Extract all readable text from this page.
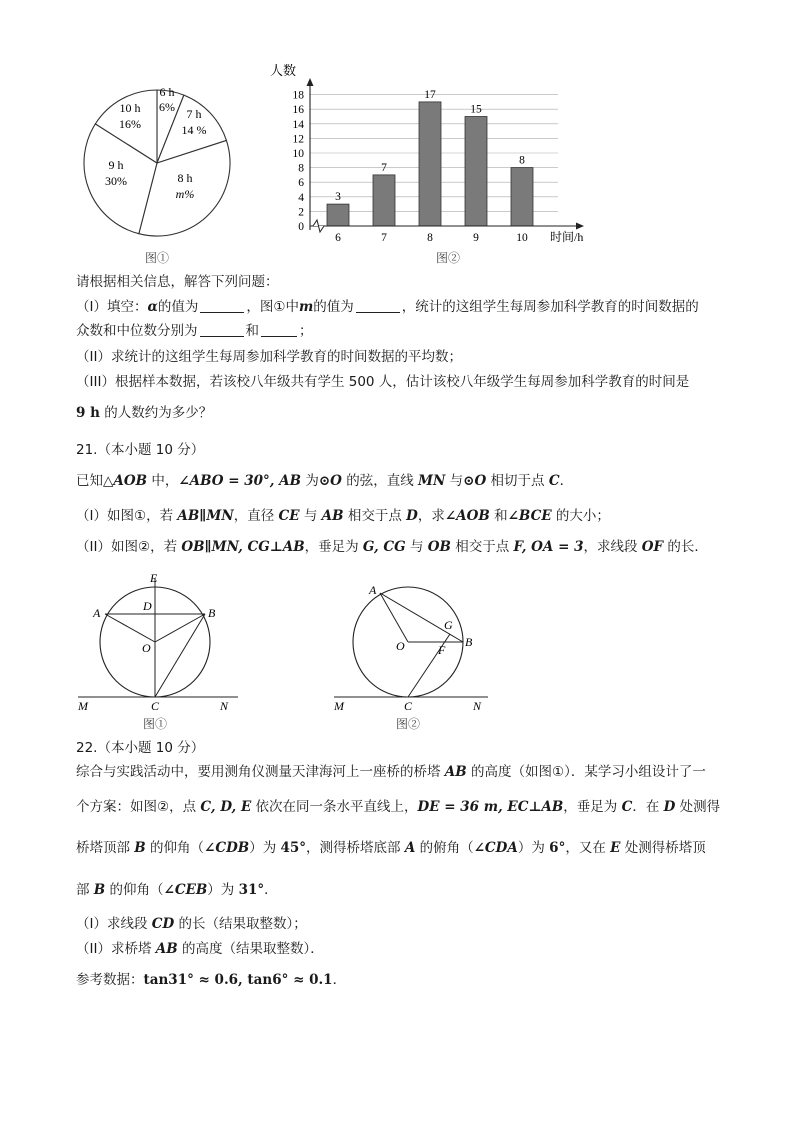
6 h
6% 7 h
14 %
8 h
m%
9 h
30%
10 h
16%
图①
0
2
4
6
8
10
12
14
16
18
3
7
17
15
8
6	7	8	9	10
人数
时间/h
图②
请根据相关信息，解答下列问题：
（I）填空：α的值为	，图①中m的值为	，统计的这组学生每周参加科学教育的时间数据的
众数和中位数分别为	和	；
（II）求统计的这组学生每周参加科学教育的时间数据的平均数；
（III）根据样本数据，若该校八年级共有学生 500 人，估计该校八年级学生每周参加科学教育的时间是
9 h 的人数约为多少？
21.（本小题 10 分）
已知△AOB 中，∠ABO = 30°, AB 为⊙O 的弦，直线 MN 与⊙O 相切于点 C．
（I）如图①，若 AB∥MN，直径 CE 与 AB 相交于点 D，求∠AOB 和∠BCE 的大小；
（II）如图②，若 OB∥MN, CG⊥AB，垂足为 G, CG 与 OB 相交于点 F, OA = 3，求线段 OF 的长．
E
D
A	B
O
M	C	N
图①
A
O
G
F
B
M	C	N
图②
22.（本小题 10 分）
综合与实践活动中，要用测角仪测量天津海河上一座桥的桥塔 AB 的高度（如图①）．某学习小组设计了一
个方案：如图②，点 C, D, E 依次在同一条水平直线上，DE = 36 m, EC⊥AB，垂足为 C．在 D 处测得
桥塔顶部 B 的仰角（∠CDB）为 45°，测得桥塔底部 A 的俯角（∠CDA）为 6°，又在 E 处测得桥塔顶
部 B 的仰角（∠CEB）为 31°．
（I）求线段 CD 的长（结果取整数）；
（II）求桥塔 AB 的高度（结果取整数）．
参考数据：tan31° ≈ 0.6, tan6° ≈ 0.1．
